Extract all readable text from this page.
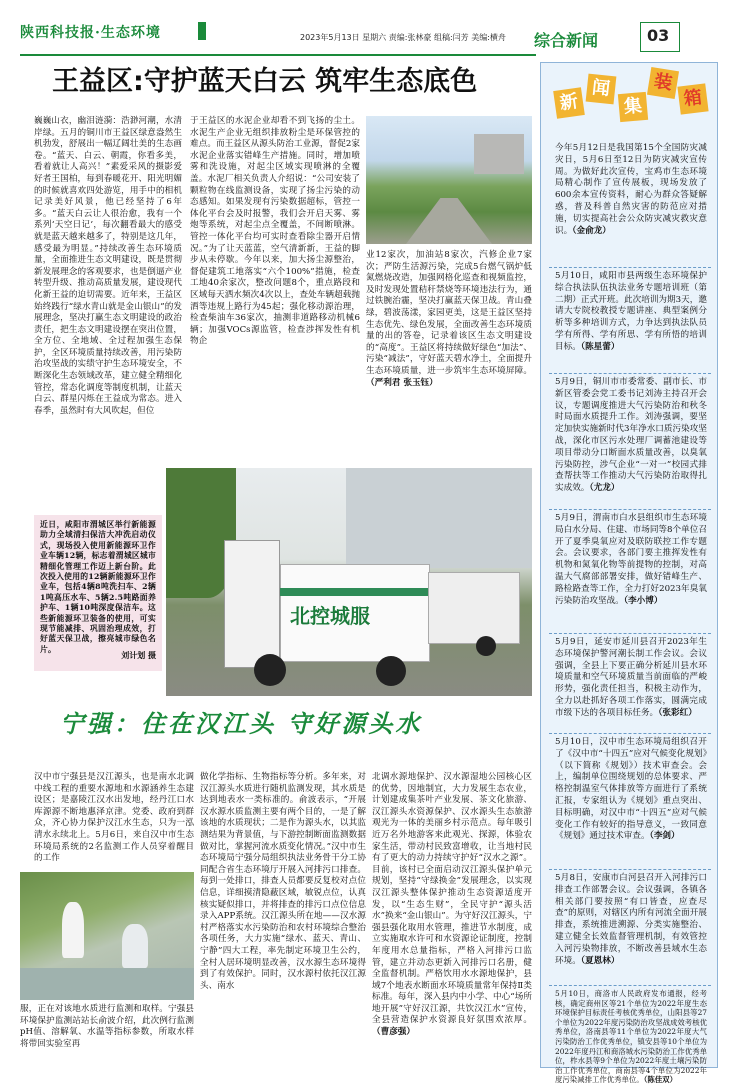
陕西科技报·生态环境	2023年5月13日 星期六 责编:张林豪 组稿:闫芳 美编:横舟 综合新闻	03
王益区:守护蓝天白云 筑牢生态底色
巍巍山衣，幽泪涟漪：浩渺河潮，水清岸绿。五月的铜川市王益区绿意盎然生机勃发，舒展出一幅辽阔壮美的生态画卷。“蓝天、白云、朝霞，你看多美，看着就让人高兴！”素爱采风的摄影爱好者王国柏，每到春暖花开、阳光明媚的时候就喜欢四处游览，用手中的相机记录美好风景，他已经坚持了6年多。“蓝天白云让人很治愈，我有一个系列‘天空日记’，每次翻看最大的感受就是蓝天越来越多了，特别是这几年，感受最为明显。”持续改善生态环境质量，全面推进生态文明建设，既是贯彻新发展理念的客观要求，也是倒逼产业转型升级、推动高质量发展，建设现代化新王益的迫切需要。近年来，王益区始终践行“绿水青山就是金山银山”的发展理念，坚决打赢生态文明建设的政治责任，把生态文明建设摆在突出位置，全方位、全地域、全过程加强生态保护，全区环境质量持续改善，用污染防治攻坚战的实绩守护生态环境安全，不断深化生态领域改革，建立健全精细化管控，常态化调度等制度机制，让蓝天白云、群星闪烁在王益成为常态。进入春季，虽然时有大风吹起，但位
于王益区的水泥企业却看不到飞扬的尘土。水泥生产企业无组织排放粉尘是环保管控的难点。而王益区从源头防治工业源，督促2家水泥企业落实错峰生产措施。同时，增加喷雾和洗设施，对起尘区域实现喷淋的全覆盖。水泥厂相关负责人介绍说：“公司安装了颗粒物在线监测设备，实现了扬尘污染的动态感知。如果发现有污染数据超标，管控一体化平台会及时报警，我们会开启天雾、雾炮等系统，对起尘点全覆盖，不间断喷淋。管控一体化平台均可实时查看除尘器开启情况。”为了让天蓝蓝，空气清新新，王益的脚步从未停歇。今年以来，加大扬尘源整治，督促建筑工地落实“六个100%”措施，检查工地40余家次，整改问题8个，重点路段和区域每天洒水频次4次以上，查处车辆超载抛洒等违规上路行为45起；强化移动源治理，检查柴油车36家次，抽测非道路移动机械6辆；加强VOCs源监管，检查涉挥发性有机物企
业12家次，加油站8家次，汽修企业7家次；严防生活源污染，完成5台燃气锅炉低氮燃烧改造，加强网格化巡查和视频监控，及时发现处置秸秆禁烧等环境违法行为，通过铁腕治霾，坚决打赢蓝天保卫战。青山叠绿，碧波荡漾，家园更美，这是王益区坚持生态优先、绿色发展，全面改善生态环境质量的出的答卷，记录着该区生态文明建设的“高度”。王益区将持续做好绿色“加法”、污染“减法”，守好蓝天碧水净土，全面提升生态环境质量，进一步筑牢生态环境屏障。 （严利君 张玉钰）
北控城服
近日，咸阳市渭城区举行新能源助力全域清扫保洁大冲洗启动仪式，现场投入使用新能源环卫作业车辆12辆，标志着渭城区城市精细化管理工作迈上新台阶。此次投入使用的12辆新能源环卫作业车，包括4辆8吨洗扫车、2辆1吨高压水车、5辆2.5吨路面养护车、1辆10吨深度保洁车。这些新能源环卫装备的使用，可实现节能减排、巩固治理成效，打好蓝天保卫战，擦亮城市绿色名片。
刘计划 摄
宁强：住在汉江头 守好源头水
汉中市宁强县是汉江源头，也是南水北调中线工程的重要水源地和水源涵养生态建设区；是嘉陵江汉水出发地，经丹江口水库源源不断地惠泽京津。党委、政府到群众，齐心协力保护汉江水生态，只为一泓清水永续北上。5月6日，来自汉中市生态环境局系统的2名监测工作人员穿着醒目的工作
服，正在对该地水质进行监测和取样。宁强县环境保护监测站站长俞波介绍，此次例行监测pH值、溶解氧、水温等指标参数，所取水样将带回实验室再
做化学指标、生物指标等分析。多年来，对汉江源头水质进行随机监测发现，其水质是达到地表水一类标准的。俞波表示，“开展汉水源水质监测主要有两个目的，一是了解该地的水质现状；二是作为源头水，以其监测结果为背景值，与下游控制断面监测数据做对比，掌握河流水质变化情况。”汉中市生态环境局宁强分局组织执法业务骨干分工协同配合省生态环境厅开展入河排污口排查。每到一处排口，排查人员都要反复校对点位信息，详细摸清隐蔽区域，敏锐点位，认真核实疑似排口，并将排查的排污口点位信息录入APP系统。汉江源头所在地——汉水源村严格落实水污染防治和农村环境综合整治各项任务，大力实施“绿水、蓝天、青山、宁静”四大工程，率先制定环境卫生公约，全村人居环境明显改善，汉水源生态环境得到了有效保护。同时，汉水源村依托汉江源头、南水
北调水源地保护、汉水源湿地公园核心区的优势，因地制宜，大力发展生态农业，计划建成集茶叶产业发展、茶文化旅游、汉江源头水资源保护、汉水源头生态旅游观光为一体的美丽乡村示范点。每年吸引近万名外地游客来此观光、探源，体验农家生活，带动村民致富增收，让当地村民有了更大的动力持续守护好“汉水之源”。目前，该村已全面启动汉江源头保护单元规划，坚持“守绿换金”发展理念，以实现汉江源头整体保护推动生态资源适度开发，以“生态生财”，全民守护“源头活水”换来“金山银山”。为守好汉江源头，宁强县强化取用水管理，推进节水制度，成立实施取水许可和水资源论证制度，控制年度用水总量指标，严格入河排污口监管，建立并动态更新入河排污口名册，健全监督机制。严格饮用水水源地保护，县域7个地表水断面水环境质量常年保持Ⅱ类标准。每年，深入县内中小学、中心“场所地开展”守好汉江源，共饮汉江水”宣传，全县营造保护水资源良好氛围欢浓厚。 （曹彦强）
新
闻
集
装
箱
今年5月12日是我国第15个全国防灾减灾日，5月6日至12日为防灾减灾宣传周。为做好此次宣传，宝鸡市生态环境局精心制作了宣传展板，现场发放了600余本宣传资料，耐心为群众答疑解惑，普及科普自然灾害的防范应对措施，切实提高社会公众防灾减灾救灾意识。（金俞龙）
5月10日，咸阳市县两级生态环境保护综合执法队伍执法业务专题培训班（第二期）正式开班。此次培训为期3天，邀请大专院校教授专题讲座、典型案例分析等多种培训方式，力争达到执法队员学有所得、学有所思、学有所悟的培训目标。（陈星蕾）
5月9日，铜川市市委常委、副市长、市新区管委会党工委书记刘涛主持召开会议，专题调度推进大气污染防治和秋冬时局面水质提升工作。刘涛强调，要坚定加快实施新时代3年净水口质污染攻坚战，深化市区污水处理厂调蓄池建设等项目带动分口断面水质量改善，以臭氧污染防控，涉气企业“一对一”校园式排查帮扶等工作推动大气污染防治取得扎实成效。（尤龙）
5月9日，渭南市白水县组织市生态环境局白水分局、住建、市场同等8个单位召开了夏季臭氧应对及联防联控工作专题会。会议要求，各部门要主推挥发性有机物和氮氧化物等前提物的控制，对高温大气腐部部署安排，做好错峰生产、路检路查等工作，全力打好2023年臭氧污染防治攻坚战。（李小博）
5月9日，延安市延川县召开2023年生态环境保护警河潮长制工作会议。会议强调，全县上下要正确分析延川县水环境质量和空气环境质量当前面临的严峻形势，强化责任担当，积极主动作为，全力以赴抓好各项工作落实，圆满完成市级下达的各项目标任务。（张彩红）
5月10日，汉中市生态环境局组织召开了《汉中市“十四五”应对气候变化规划》（以下简称《规划》）技术审查会。会上，编制单位围绕规划的总体要求、严格控制温室气体排放等方面进行了系统汇报，专家组认为《规划》重点突出、目标明确，对汉中市“十四五”应对气候变化工作有较好的指导意义，一致同意《规划》通过技术审查。（李剑）
5月8日，安康市白河县召开入河排污口排查工作部署会议。会议强调，各镇各相关部门要按照“有口皆查，应查尽查”的原则，对辖区内所有河流全面开展排查，系统推进溯源、分类实施整治、建立健全长效监督管理机制，有效管控入河污染物排放，不断改善县域水生态环境。（夏恩林）
5月10日，商洛市人民政府发布通报，经考核，确定商州区等21个单位为2022年度生态环境保护目标责任考核优秀单位，山阳县等27个单位为2022年度污染防治攻坚战成效考核优秀单位，洛南县等11个单位为2022年度大气污染防治工作优秀单位，镇安县等10个单位为2022年度丹江和商洛城水污染防治工作优秀单位，柞水县等9个单位为2022年度土壤污染防治工作优秀单位，商南县等4个单位为2022年度污染减排工作优秀单位。（陈佳双）
